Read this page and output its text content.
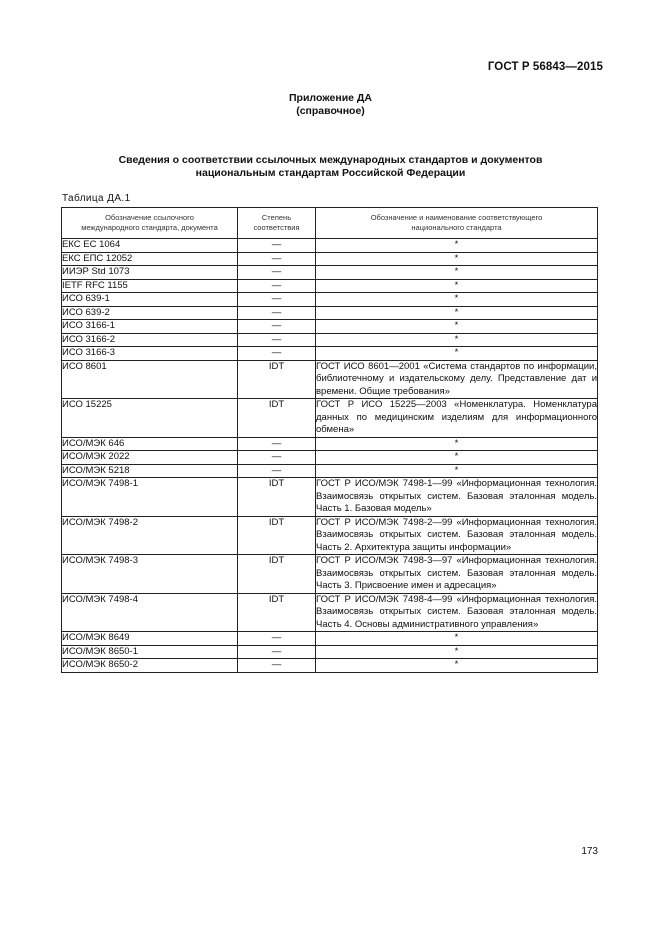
ГОСТ Р 56843—2015
Приложение ДА
(справочное)
Сведения о соответствии ссылочных международных стандартов и документов
национальным стандартам Российской Федерации
Таблица ДА.1
Обозначение ссылочного международного стандарта, документа	Степень соответствия	Обозначение и наименование соответствующего национального стандарта
ЕКС ЕС 1064	—	*
ЕКС ЕПС 12052	—	*
ИИЭР Std 1073	—	*
IETF RFC 1155	—	*
ИСО 639-1	—	*
ИСО 639-2	—	*
ИСО 3166-1	—	*
ИСО 3166-2	—	*
ИСО 3166-3	—	*
ИСО 8601	IDT	ГОСТ ИСО 8601—2001 «Система стандартов по информации, библиотечному и издательскому делу. Представление дат и времени. Общие требования»
ИСО 15225	IDT	ГОСТ Р ИСО 15225—2003 «Номенклатура. Номенклатура данных по медицинским изделиям для информационного обмена»
ИСО/МЭК 646	—	*
ИСО/МЭК 2022	—	*
ИСО/МЭК 5218	—	*
ИСО/МЭК 7498-1	IDT	ГОСТ Р ИСО/МЭК 7498-1—99 «Информационная технология. Взаимосвязь открытых систем. Базовая эталонная модель. Часть 1. Базовая модель»
ИСО/МЭК 7498-2	IDT	ГОСТ Р ИСО/МЭК 7498-2—99 «Информационная технология. Взаимосвязь открытых систем. Базовая эталонная модель. Часть 2. Архитектура защиты информации»
ИСО/МЭК 7498-3	IDT	ГОСТ Р ИСО/МЭК 7498-3—97 «Информационная технология. Взаимосвязь открытых систем. Базовая эталонная модель. Часть 3. Присвоение имен и адресация»
ИСО/МЭК 7498-4	IDT	ГОСТ Р ИСО/МЭК 7498-4—99 «Информационная технология. Взаимосвязь открытых систем. Базовая эталонная модель. Часть 4. Основы административного управления»
ИСО/МЭК 8649	—	*
ИСО/МЭК 8650-1	—	*
ИСО/МЭК 8650-2	—	*
173
